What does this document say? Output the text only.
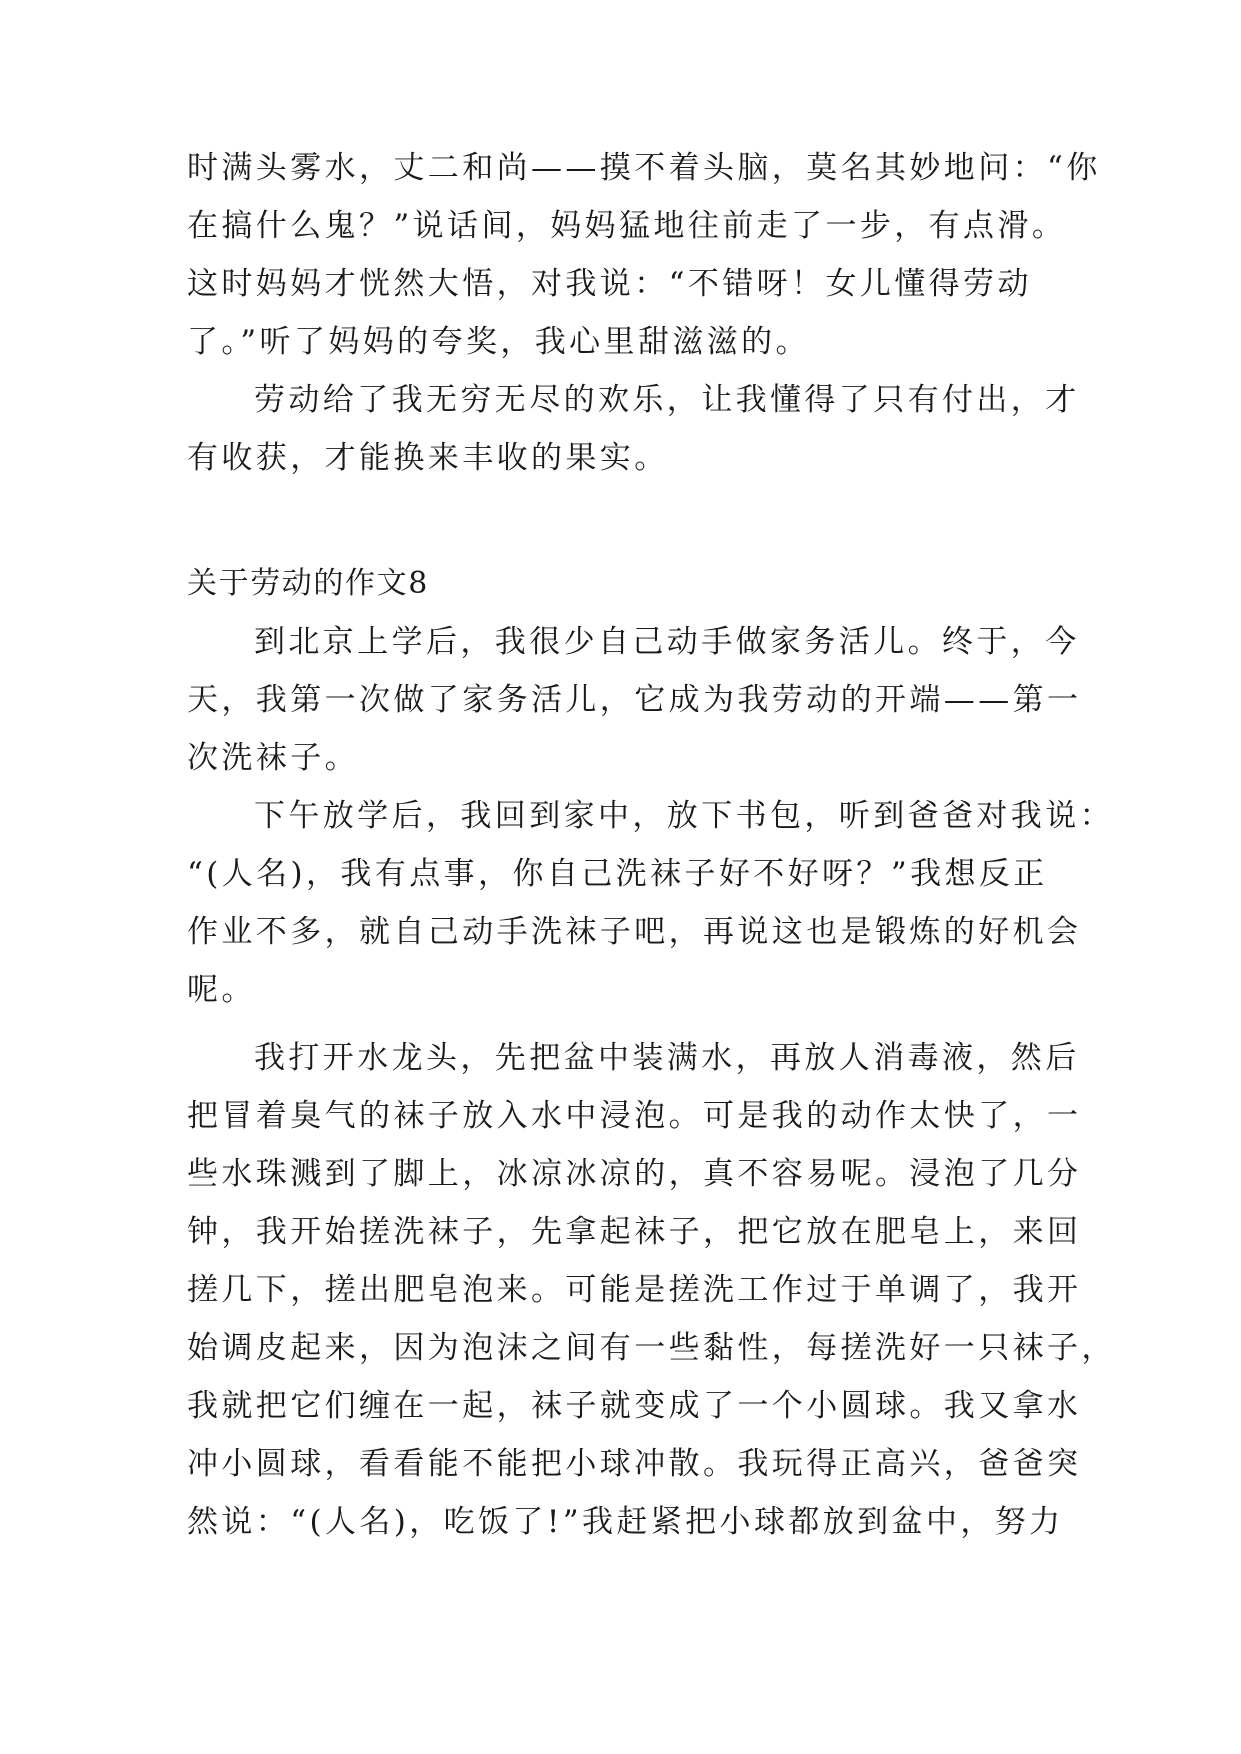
时满头雾水，丈二和尚——摸不着头脑，莫名其妙地问：“你
在搞什么鬼？”说话间，妈妈猛地往前走了一步，有点滑。
这时妈妈才恍然大悟，对我说：“不错呀！女儿懂得劳动
了。”听了妈妈的夸奖，我心里甜滋滋的。
劳动给了我无穷无尽的欢乐，让我懂得了只有付出，才
有收获，才能换来丰收的果实。
关于劳动的作文8
到北京上学后，我很少自己动手做家务活儿。终于，今
天，我第一次做了家务活儿，它成为我劳动的开端——第一
次洗袜子。
下午放学后，我回到家中，放下书包，听到爸爸对我说：
“(人名)，我有点事，你自己洗袜子好不好呀？”我想反正
作业不多，就自己动手洗袜子吧，再说这也是锻炼的好机会
呢。
我打开水龙头，先把盆中装满水，再放人消毒液，然后
把冒着臭气的袜子放入水中浸泡。可是我的动作太快了，一
些水珠溅到了脚上，冰凉冰凉的，真不容易呢。浸泡了几分
钟，我开始搓洗袜子，先拿起袜子，把它放在肥皂上，来回
搓几下，搓出肥皂泡来。可能是搓洗工作过于单调了，我开
始调皮起来，因为泡沫之间有一些黏性，每搓洗好一只袜子，
我就把它们缠在一起，袜子就变成了一个小圆球。我又拿水
冲小圆球，看看能不能把小球冲散。我玩得正高兴，爸爸突
然说：“(人名)，吃饭了!”我赶紧把小球都放到盆中，努力
